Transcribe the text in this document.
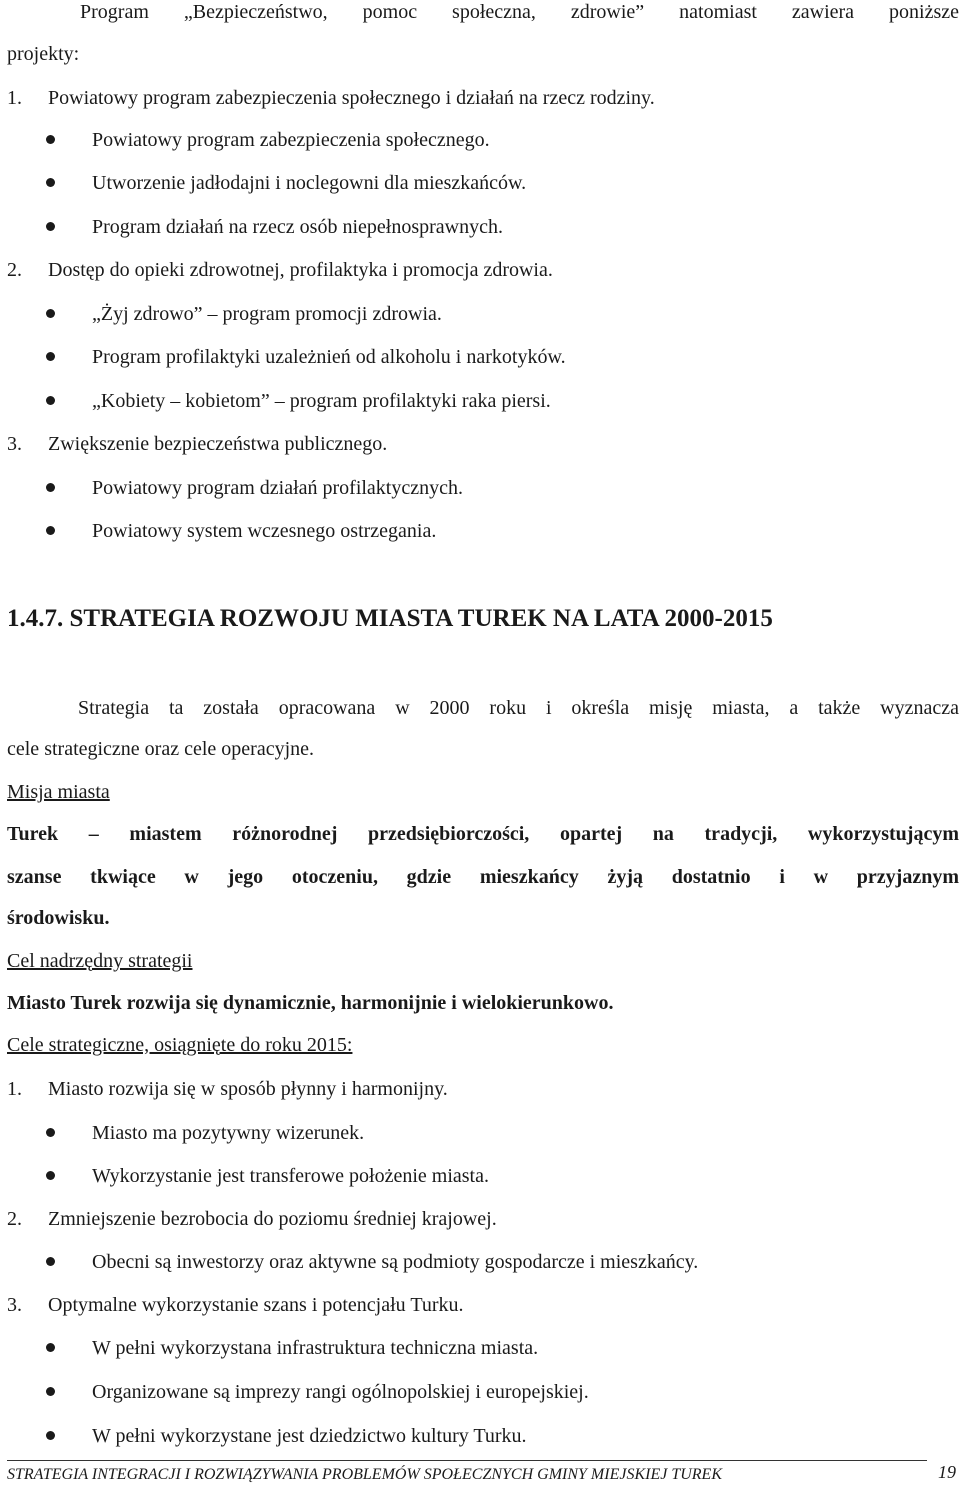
Program „Bezpieczeństwo, pomoc społeczna, zdrowie” natomiast zawiera poniższe
projekty:
1. Powiatowy program zabezpieczenia społecznego i działań na rzecz rodziny.
Powiatowy program zabezpieczenia społecznego.
Utworzenie jadłodajni i noclegowni dla mieszkańców.
Program działań na rzecz osób niepełnosprawnych.
2. Dostęp do opieki zdrowotnej, profilaktyka i promocja zdrowia.
„Żyj zdrowo” – program promocji zdrowia.
Program profilaktyki uzależnień od alkoholu i narkotyków.
„Kobiety – kobietom” – program profilaktyki raka piersi.
3. Zwiększenie bezpieczeństwa publicznego.
Powiatowy program działań profilaktycznych.
Powiatowy system wczesnego ostrzegania.
1.4.7. STRATEGIA ROZWOJU MIASTA TUREK NA LATA 2000-2015
Strategia ta została opracowana w 2000 roku i określa misję miasta, a także wyznacza
cele strategiczne oraz cele operacyjne.
Misja miasta
Turek – miastem różnorodnej przedsiębiorczości, opartej na tradycji, wykorzystującym
szanse tkwiące w jego otoczeniu, gdzie mieszkańcy żyją dostatnio i w przyjaznym
środowisku.
Cel nadrzędny strategii
Miasto Turek rozwija się dynamicznie, harmonijnie i wielokierunkowo.
Cele strategiczne, osiągnięte do roku 2015:
1. Miasto rozwija się w sposób płynny i harmonijny.
Miasto ma pozytywny wizerunek.
Wykorzystanie jest transferowe położenie miasta.
2. Zmniejszenie bezrobocia do poziomu średniej krajowej.
Obecni są inwestorzy oraz aktywne są podmioty gospodarcze i mieszkańcy.
3. Optymalne wykorzystanie szans i potencjału Turku.
W pełni wykorzystana infrastruktura techniczna miasta.
Organizowane są imprezy rangi ogólnopolskiej i europejskiej.
W pełni wykorzystane jest dziedzictwo kultury Turku.
STRATEGIA INTEGRACJI I ROZWIĄZYWANIA PROBLEMÓW SPOŁECZNYCH GMINY MIEJSKIEJ TUREK	19
